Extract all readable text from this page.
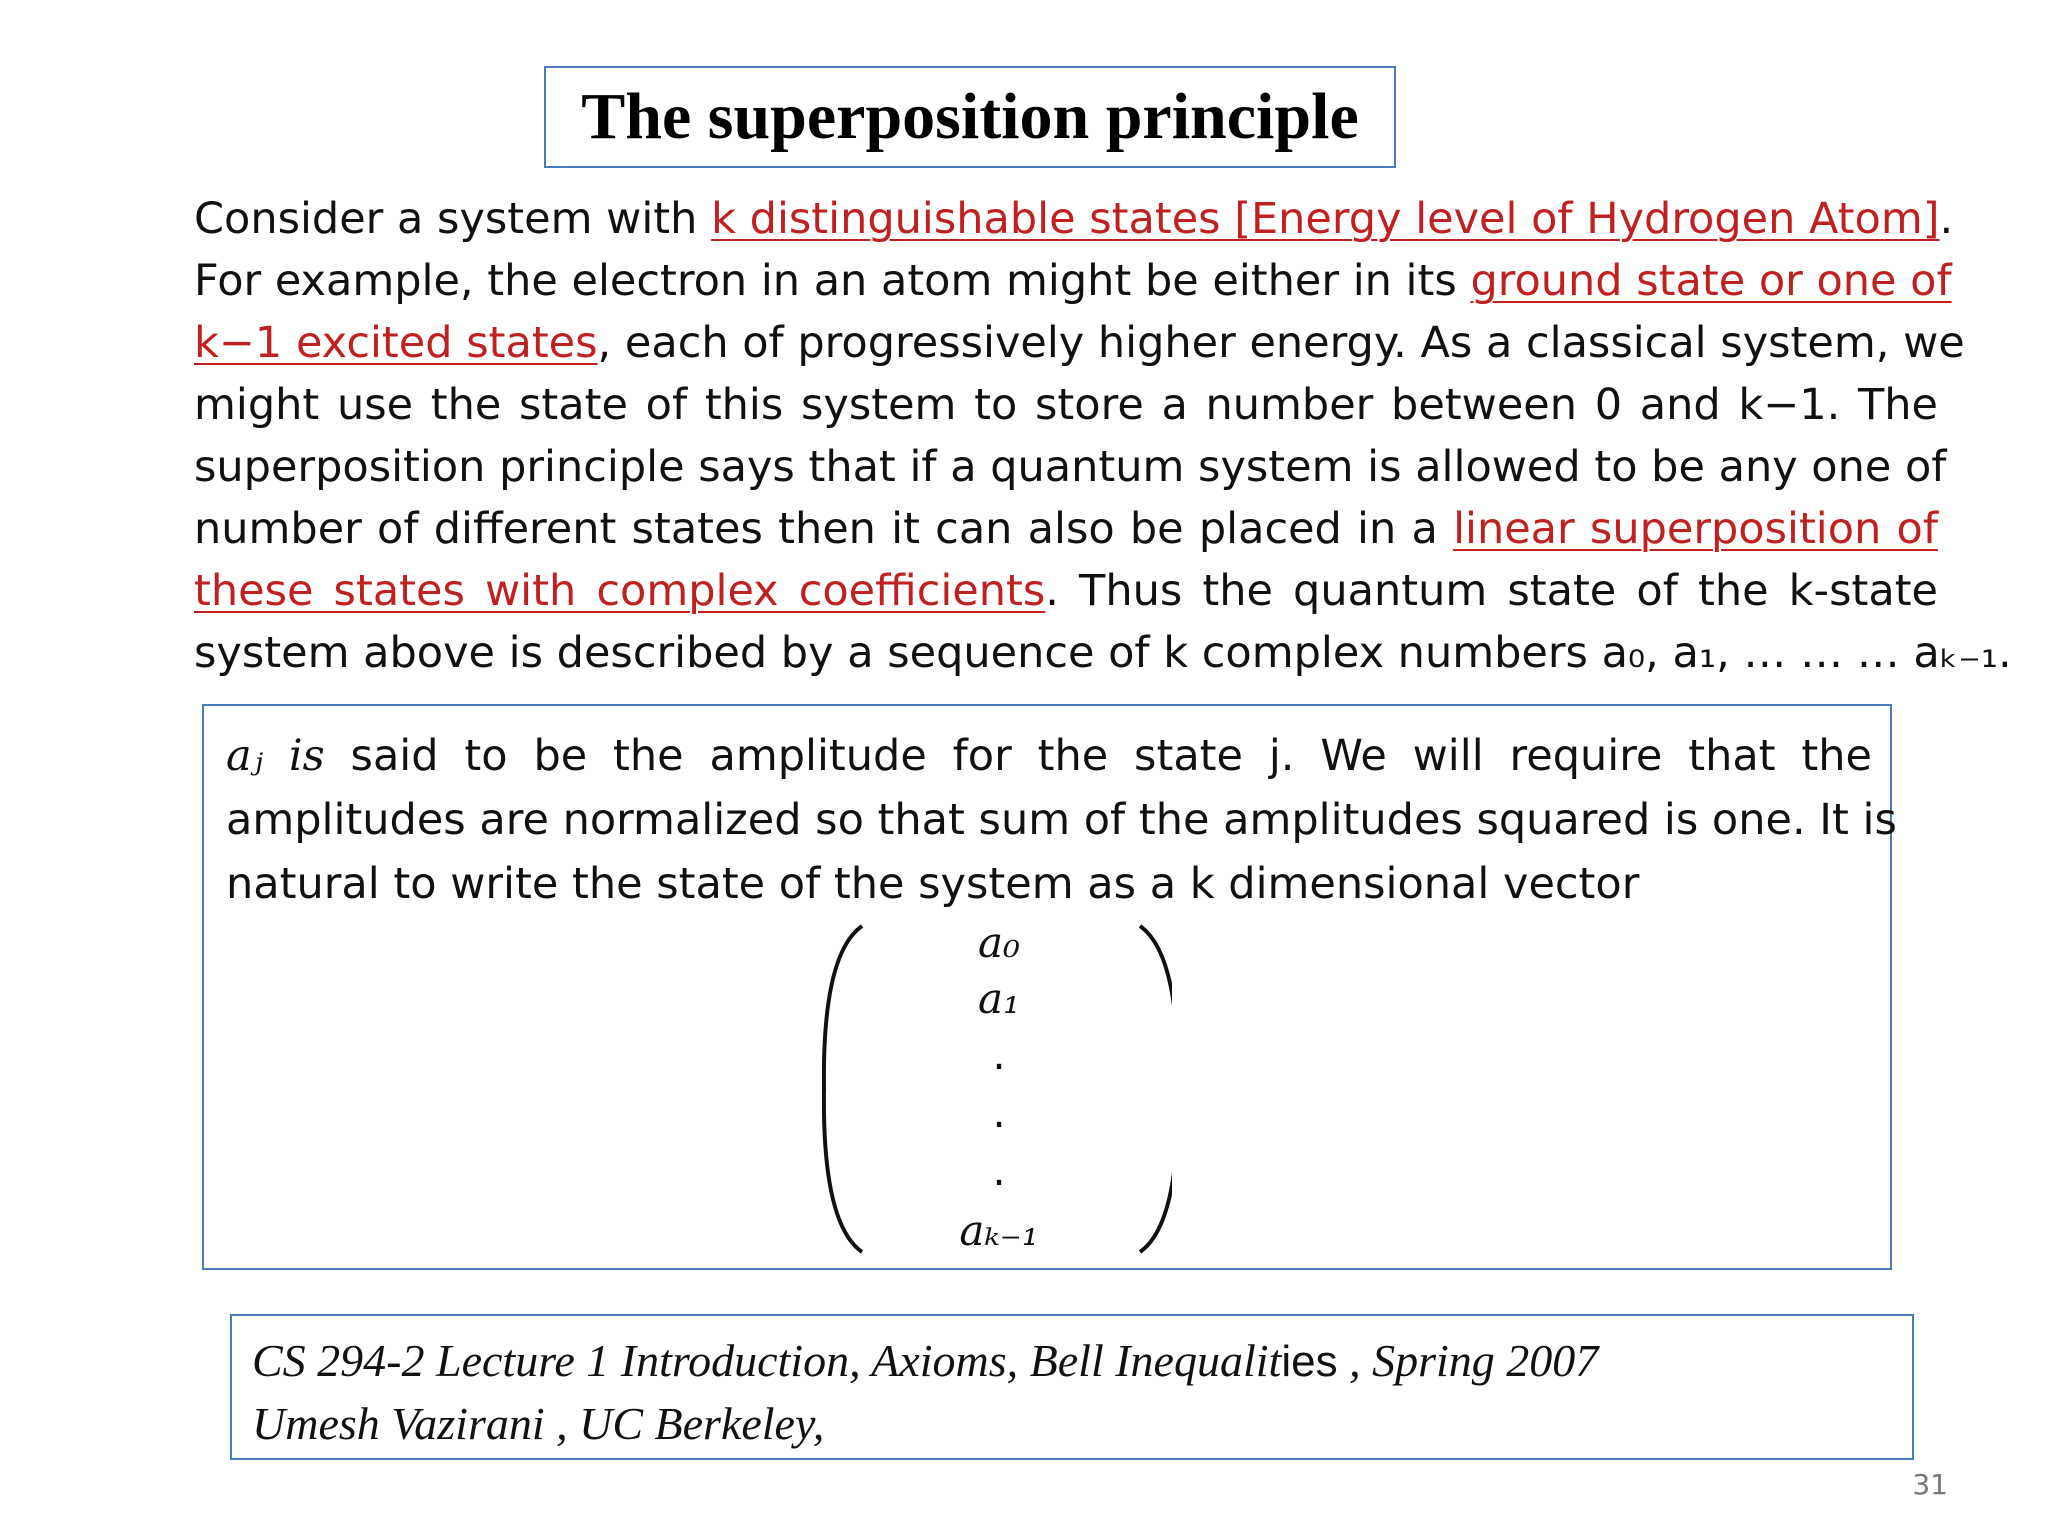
The superposition principle
Consider a system with k distinguishable states [Energy level of Hydrogen Atom].
For example, the electron in an atom might be either in its ground state or one of
k−1 excited states, each of progressively higher energy. As a classical system, we
might use the state of this system to store a number between 0 and k−1. The
superposition principle says that if a quantum system is allowed to be any one of
number of different states then it can also be placed in a linear superposition of
these states with complex coefficients. Thus the quantum state of the k-state
system above is described by a sequence of k complex numbers a₀, a₁, … … … aₖ₋₁.
aⱼ is said to be the amplitude for the state j. We will require that the
amplitudes are normalized so that sum of the amplitudes squared is one. It is
natural to write the state of the system as a k dimensional vector
a₀
a₁
.
.
.
aₖ₋₁
CS 294-2 Lecture 1 Introduction, Axioms, Bell Inequalities , Spring 2007
Umesh Vazirani , UC Berkeley,
31
